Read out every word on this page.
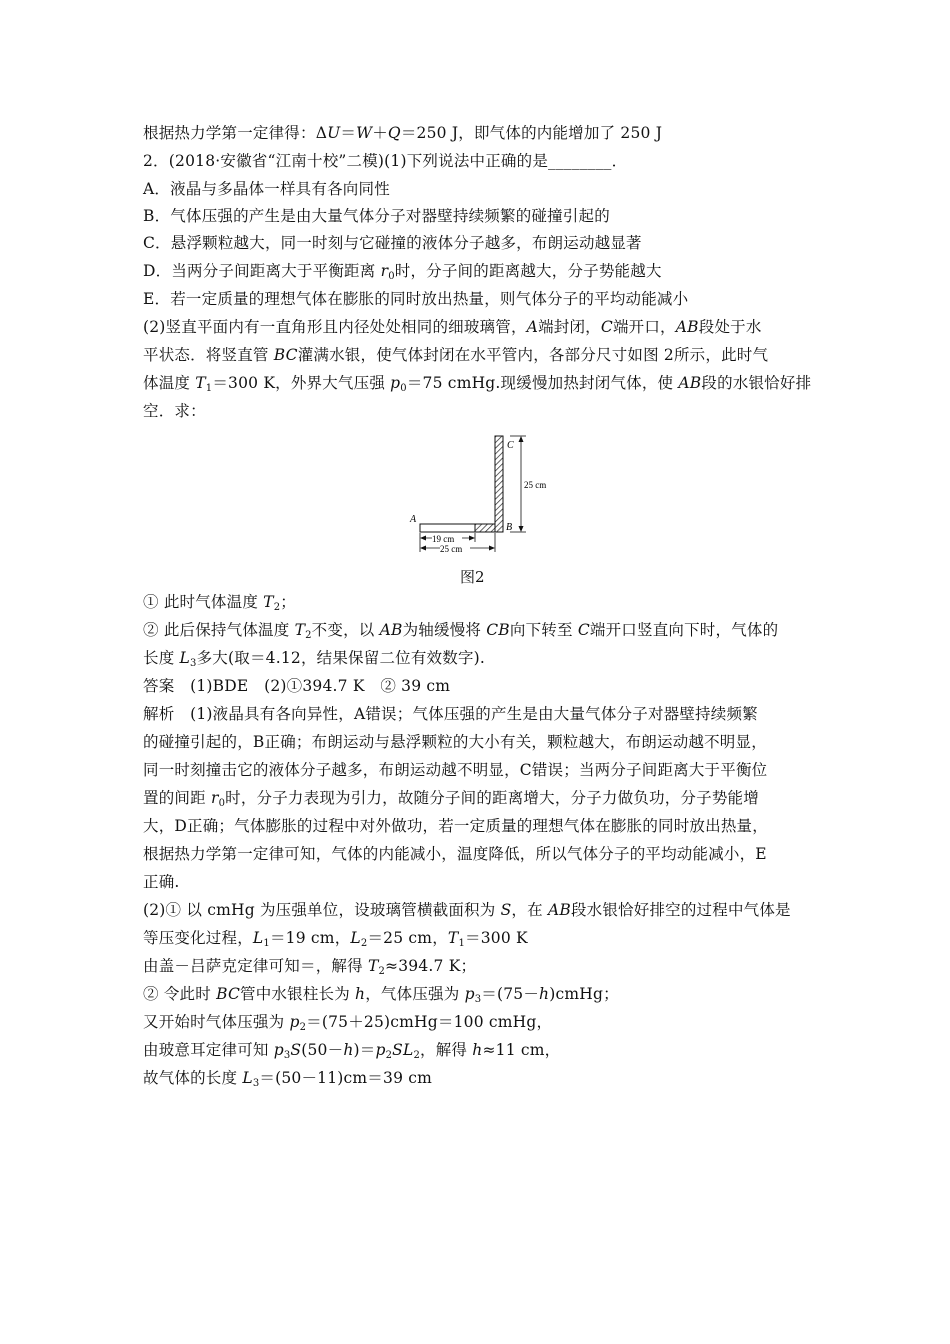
根据热力学第一定律得：ΔU＝W＋Q＝250 J，即气体的内能增加了 250 J
2．(2018·安徽省“江南十校”二模)(1)下列说法中正确的是________．
A．液晶与多晶体一样具有各向同性
B．气体压强的产生是由大量气体分子对器壁持续频繁的碰撞引起的
C．悬浮颗粒越大，同一时刻与它碰撞的液体分子越多，布朗运动越显著
D．当两分子间距离大于平衡距离 $r_0$时，分子间的距离越大，分子势能越大
E．若一定质量的理想气体在膨胀的同时放出热量，则气体分子的平均动能减小
(2)竖直平面内有一直角形且内径处处相同的细玻璃管，A端封闭，C端开口，AB段处于水
平状态．将竖直管 BC灌满水银，使气体封闭在水平管内，各部分尺寸如图 2所示，此时气
体温度 $T_1=300$ K，外界大气压强 $p_0=75$ cmHg.现缓慢加热封闭气体，使 AB段的水银恰好排
空．求：
C
A
B
25 cm
19 cm
25 cm
图2
① 此时气体温度 $T_2$；
② 此后保持气体温度 $T_2$不变，以 AB为轴缓慢将 CB向下转至 C端开口竖直向下时，气体的
长度 $L_3$多大(取＝4.12，结果保留二位有效数字).
答案　(1)BDE　(2)①394.7 K　② 39 cm
解析　(1)液晶具有各向异性，A错误；气体压强的产生是由大量气体分子对器壁持续频繁
的碰撞引起的，B正确；布朗运动与悬浮颗粒的大小有关，颗粒越大，布朗运动越不明显，
同一时刻撞击它的液体分子越多，布朗运动越不明显，C错误；当两分子间距离大于平衡位
置的间距 $r_0$时，分子力表现为引力，故随分子间的距离增大，分子力做负功，分子势能增
大，D正确；气体膨胀的过程中对外做功，若一定质量的理想气体在膨胀的同时放出热量，
根据热力学第一定律可知，气体的内能减小，温度降低，所以气体分子的平均动能减小，E
正确.
(2)① 以 cmHg 为压强单位，设玻璃管横截面积为 S，在 AB段水银恰好排空的过程中气体是
等压变化过程，$L_1=19$ cm，$L_2=25$ cm，$T_1=300$ K
由盖－吕萨克定律可知＝，解得 $T_2\approx 394.7$ K；
② 令此时 BC管中水银柱长为 h，气体压强为 $p_3=(75-h)cmHg$；
又开始时气体压强为 $p_2=(75+25)cmHg=100$ cmHg，
由玻意耳定律可知 $p_3S(50-h)=p_2SL_2$，解得 h≈11 cm，
故气体的长度 $L_3=(50-11)cm=39$ cm
